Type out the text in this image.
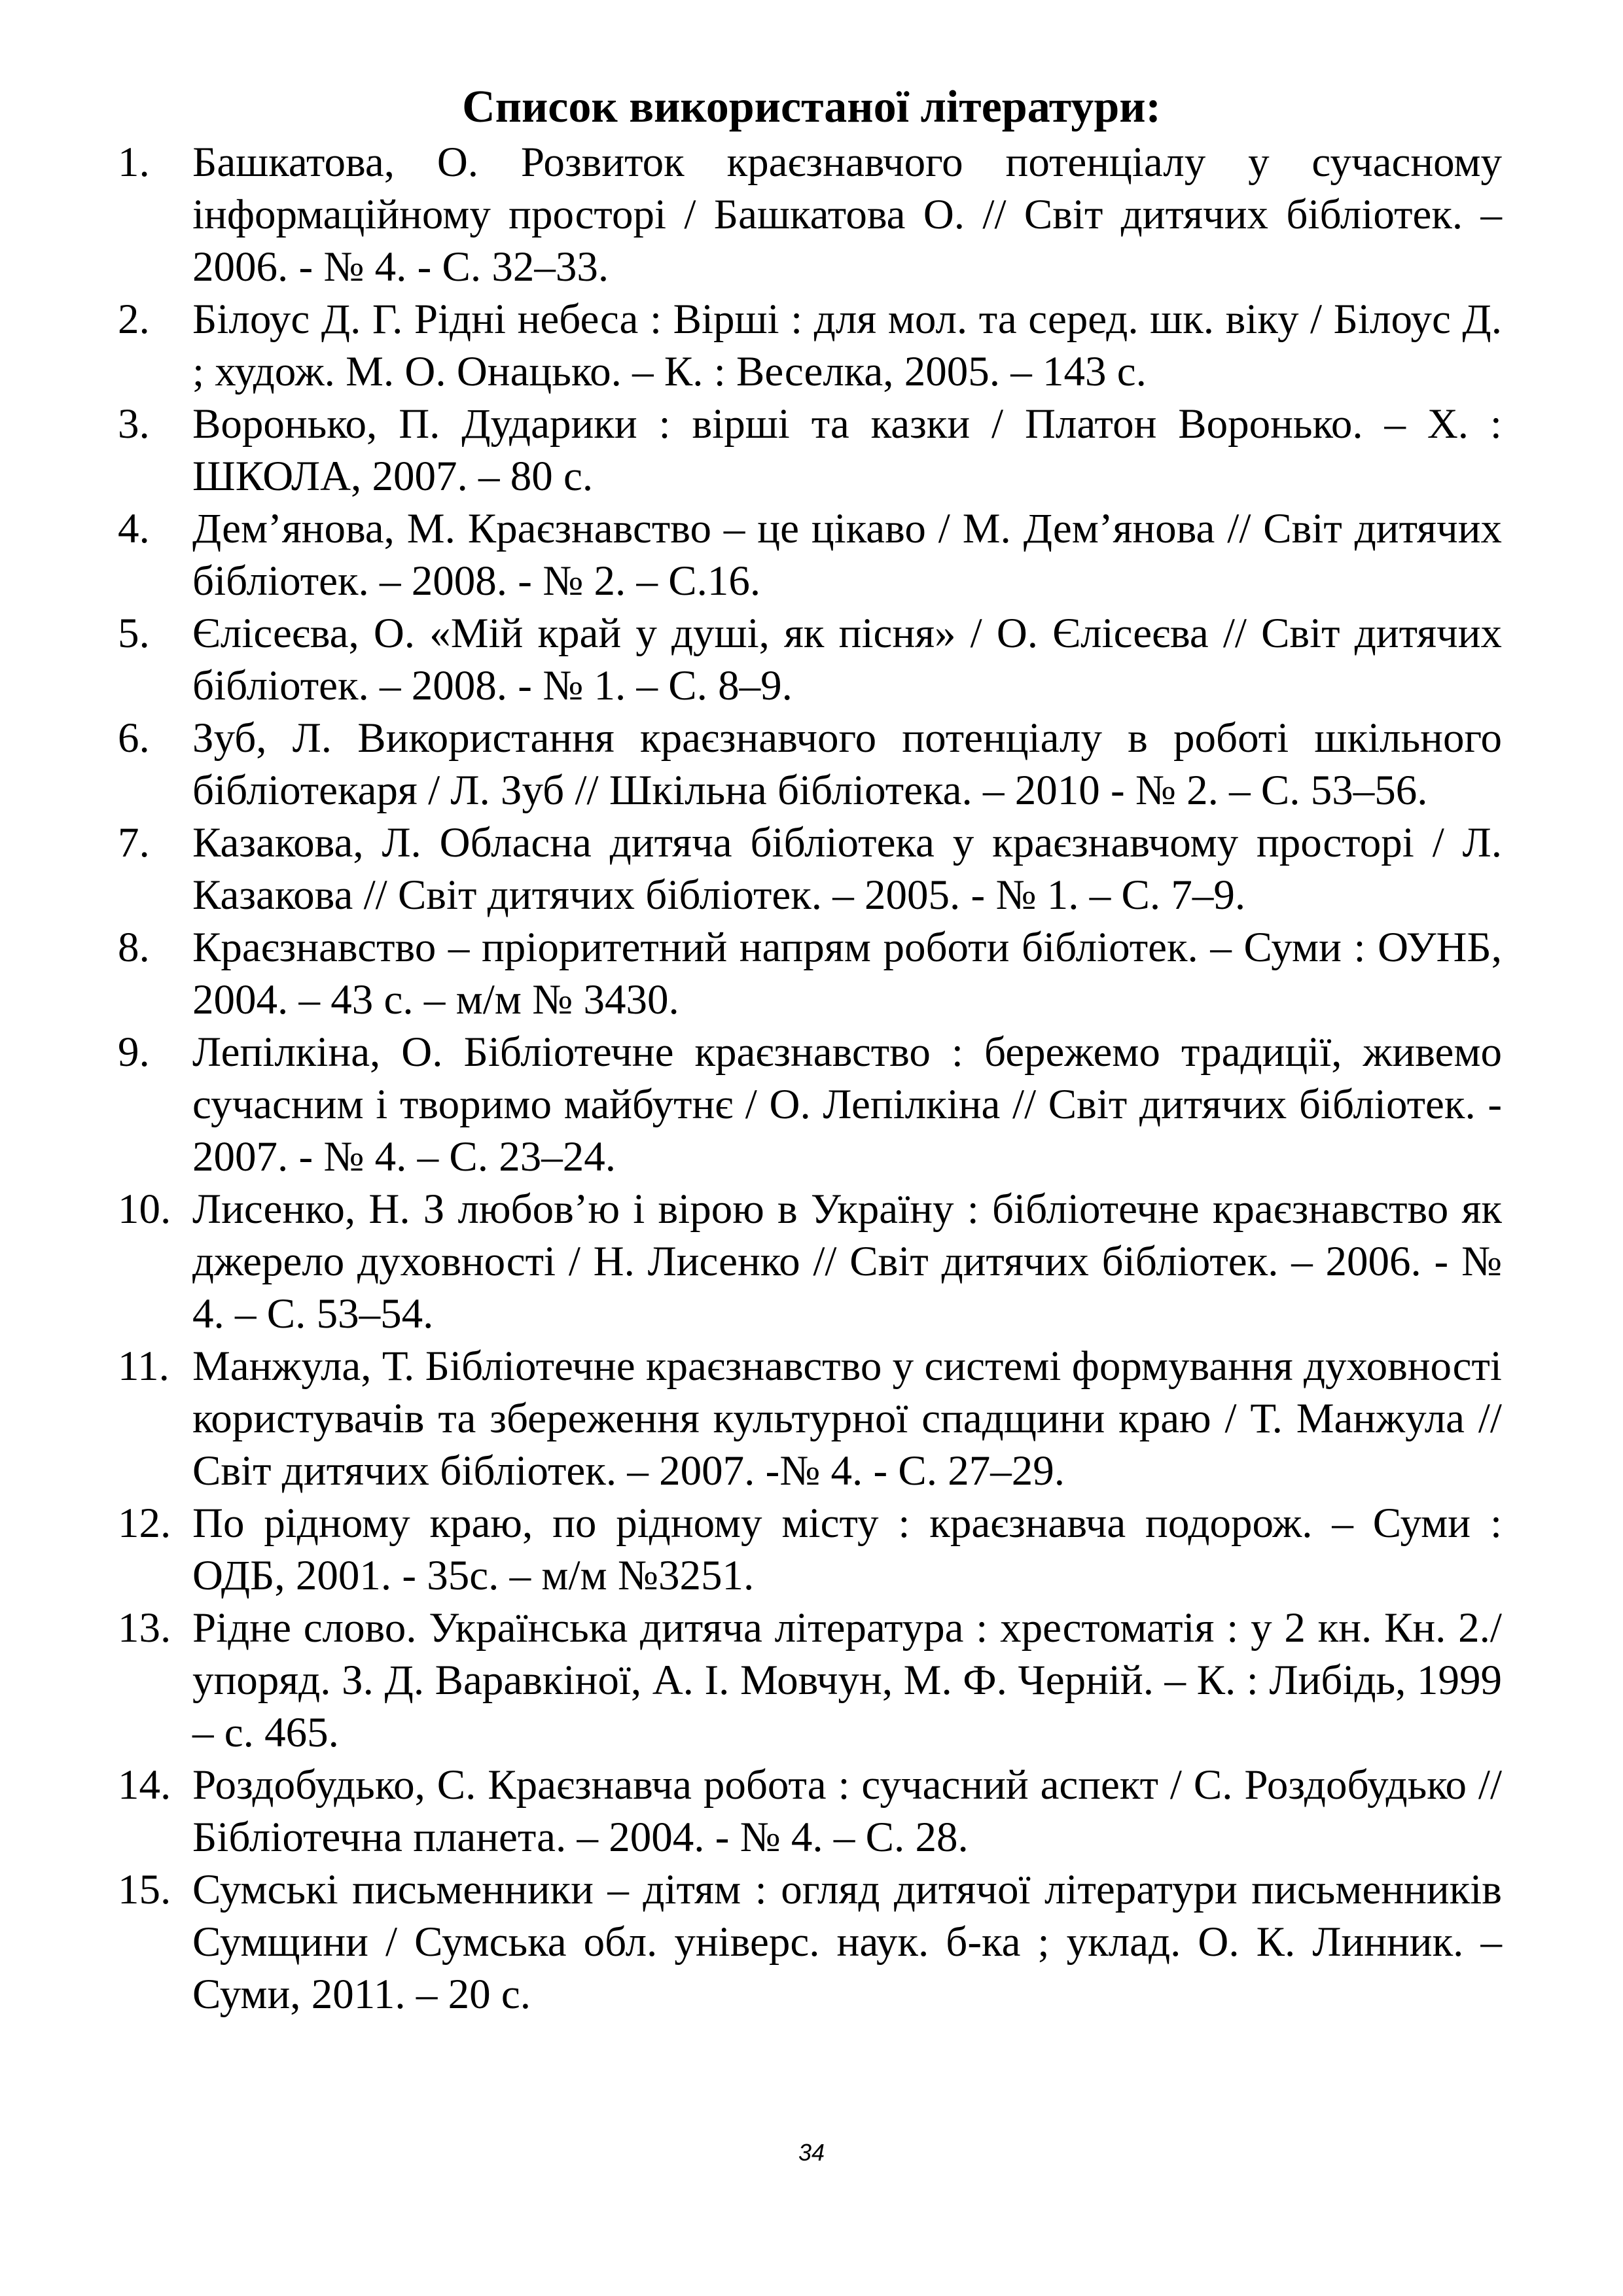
Список використаної літератури:
1. Башкатова, О. Розвиток краєзнавчого потенціалу у сучасному інформаційному просторі / Башкатова О. // Світ дитячих бібліотек. – 2006. - № 4. - С. 32–33.
2. Білоус Д. Г. Рідні небеса : Вірші : для мол. та серед. шк. віку / Білоус Д. ; худож. М. О. Онацько. – К. : Веселка, 2005. – 143 с.
3. Воронько, П. Дударики : вірші та казки / Платон Воронько. – Х. : ШКОЛА, 2007. – 80 с.
4. Дем’янова, М. Краєзнавство – це цікаво / М. Дем’янова // Світ дитячих бібліотек. – 2008. - № 2. – С.16.
5. Єлісеєва, О. «Мій край у душі, як пісня» / О. Єлісеєва // Світ дитячих бібліотек. – 2008. - № 1. – С. 8–9.
6. Зуб, Л. Використання краєзнавчого потенціалу в роботі шкільного бібліотекаря / Л. Зуб // Шкільна бібліотека. – 2010 - № 2. – С. 53–56.
7. Казакова, Л. Обласна дитяча бібліотека у краєзнавчому просторі / Л. Казакова // Світ дитячих бібліотек. – 2005. - № 1. – С. 7–9.
8. Краєзнавство – пріоритетний напрям роботи бібліотек. – Суми : ОУНБ, 2004. – 43 с. – м/м № 3430.
9. Лепілкіна, О. Бібліотечне краєзнавство : бережемо традиції, живемо сучасним і творимо майбутнє / О. Лепілкіна // Світ дитячих бібліотек. - 2007. - № 4. – С. 23–24.
10. Лисенко, Н. З любов’ю і вірою в Україну : бібліотечне краєзнавство як джерело духовності / Н. Лисенко // Світ дитячих бібліотек. – 2006. - № 4. – С. 53–54.
11. Манжула, Т. Бібліотечне краєзнавство у системі формування духовності користувачів та збереження культурної спадщини краю / Т. Манжула // Світ дитячих бібліотек. – 2007. -№ 4. - С. 27–29.
12. По рідному краю, по рідному місту : краєзнавча подорож. – Суми : ОДБ, 2001. - 35с. – м/м №3251.
13. Рідне слово. Українська дитяча література : хрестоматія : у 2 кн. Кн. 2./ упоряд. З. Д. Варавкіної, А. І. Мовчун, М. Ф. Черній. – К. : Либідь, 1999 – с. 465.
14. Роздобудько, С. Краєзнавча робота : сучасний аспект / С. Роздобудько // Бібліотечна планета. – 2004. - № 4. – С. 28.
15. Сумські письменники – дітям : огляд дитячої літератури письменників Сумщини / Сумська обл. універс. наук. б-ка ; уклад. О. К. Линник. – Суми, 2011. – 20 с.
34
